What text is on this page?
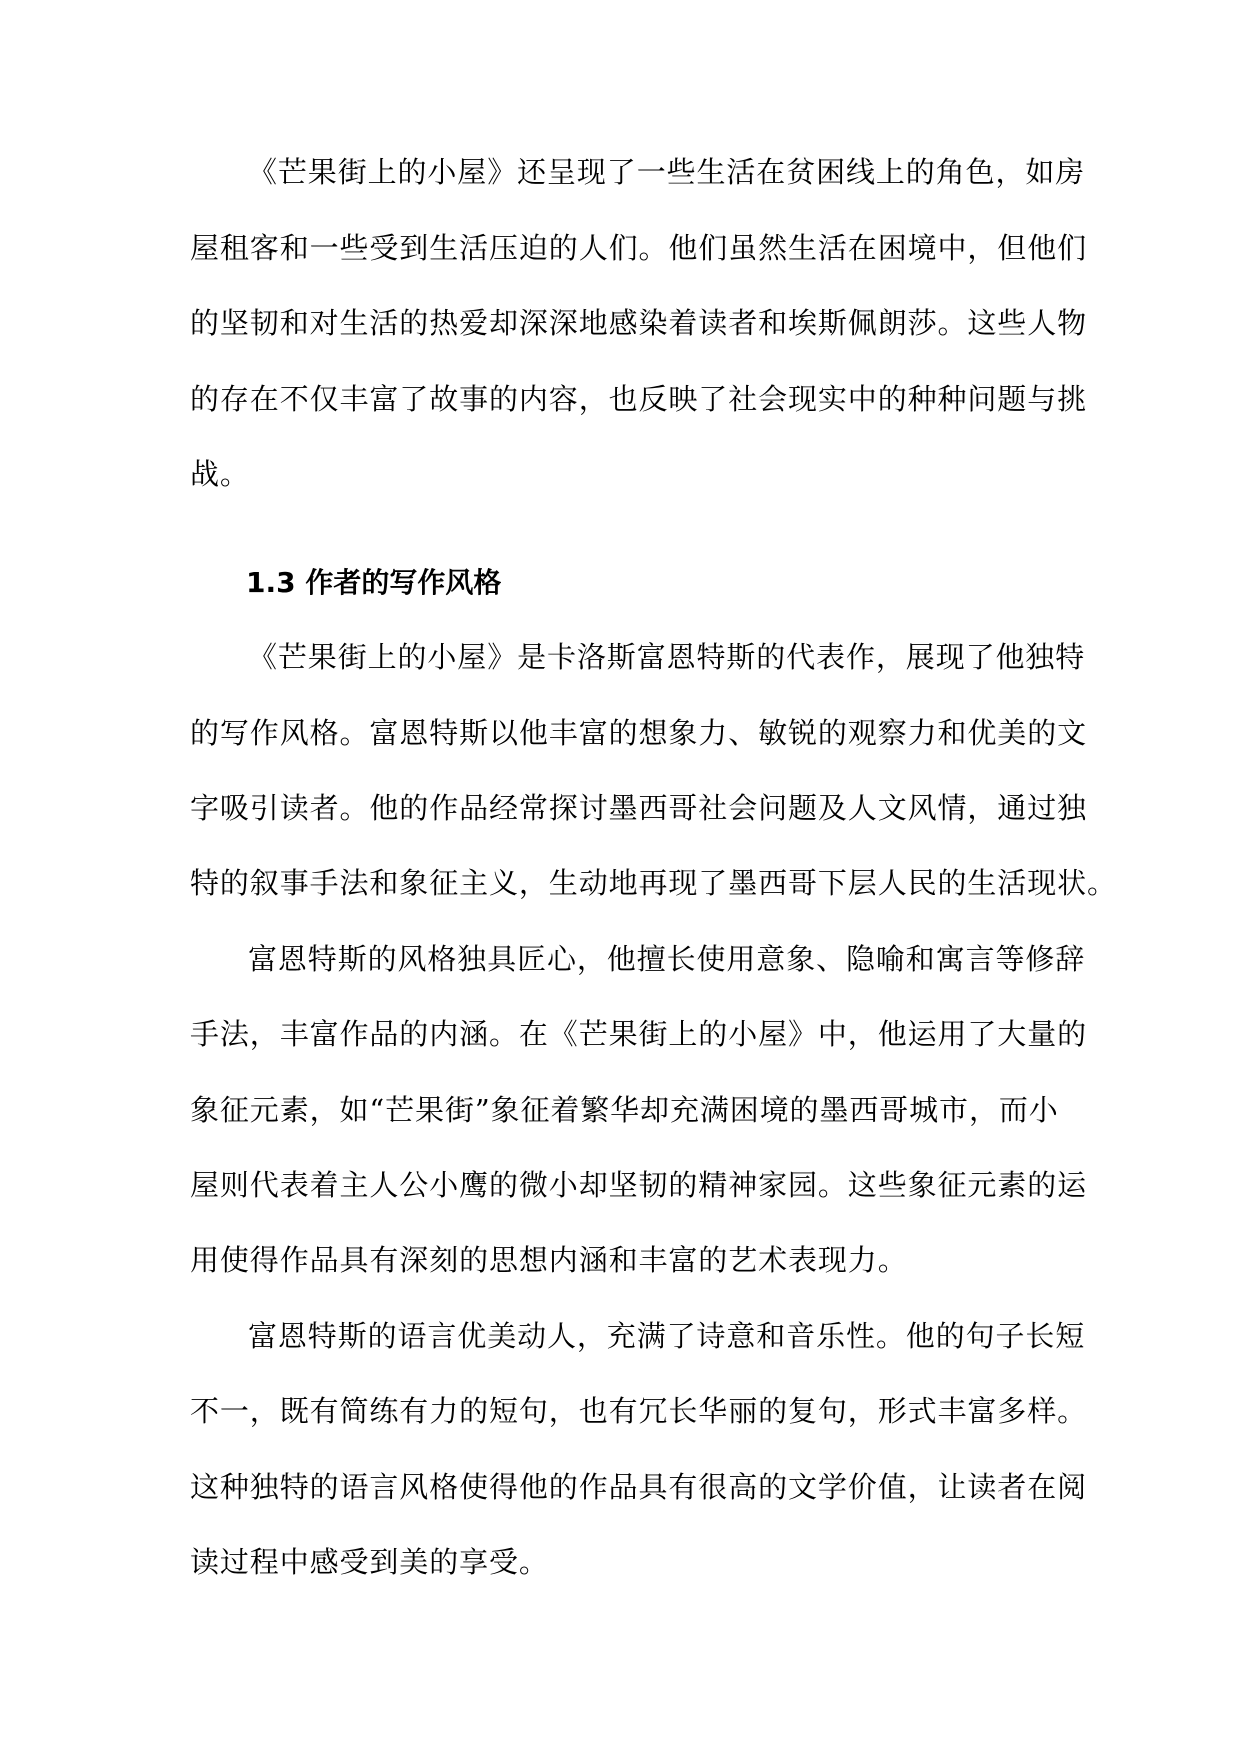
《芒果街上的小屋》还呈现了一些生活在贫困线上的角色，如房
屋租客和一些受到生活压迫的人们。他们虽然生活在困境中，但他们
的坚韧和对生活的热爱却深深地感染着读者和埃斯佩朗莎。这些人物
的存在不仅丰富了故事的内容，也反映了社会现实中的种种问题与挑
战。
1.3 作者的写作风格
《芒果街上的小屋》是卡洛斯富恩特斯的代表作，展现了他独特
的写作风格。富恩特斯以他丰富的想象力、敏锐的观察力和优美的文
字吸引读者。他的作品经常探讨墨西哥社会问题及人文风情，通过独
特的叙事手法和象征主义，生动地再现了墨西哥下层人民的生活现状。
富恩特斯的风格独具匠心，他擅长使用意象、隐喻和寓言等修辞
手法，丰富作品的内涵。在《芒果街上的小屋》中，他运用了大量的
象征元素，如“芒果街”象征着繁华却充满困境的墨西哥城市，而小
屋则代表着主人公小鹰的微小却坚韧的精神家园。这些象征元素的运
用使得作品具有深刻的思想内涵和丰富的艺术表现力。
富恩特斯的语言优美动人，充满了诗意和音乐性。他的句子长短
不一，既有简练有力的短句，也有冗长华丽的复句，形式丰富多样。
这种独特的语言风格使得他的作品具有很高的文学价值，让读者在阅
读过程中感受到美的享受。
